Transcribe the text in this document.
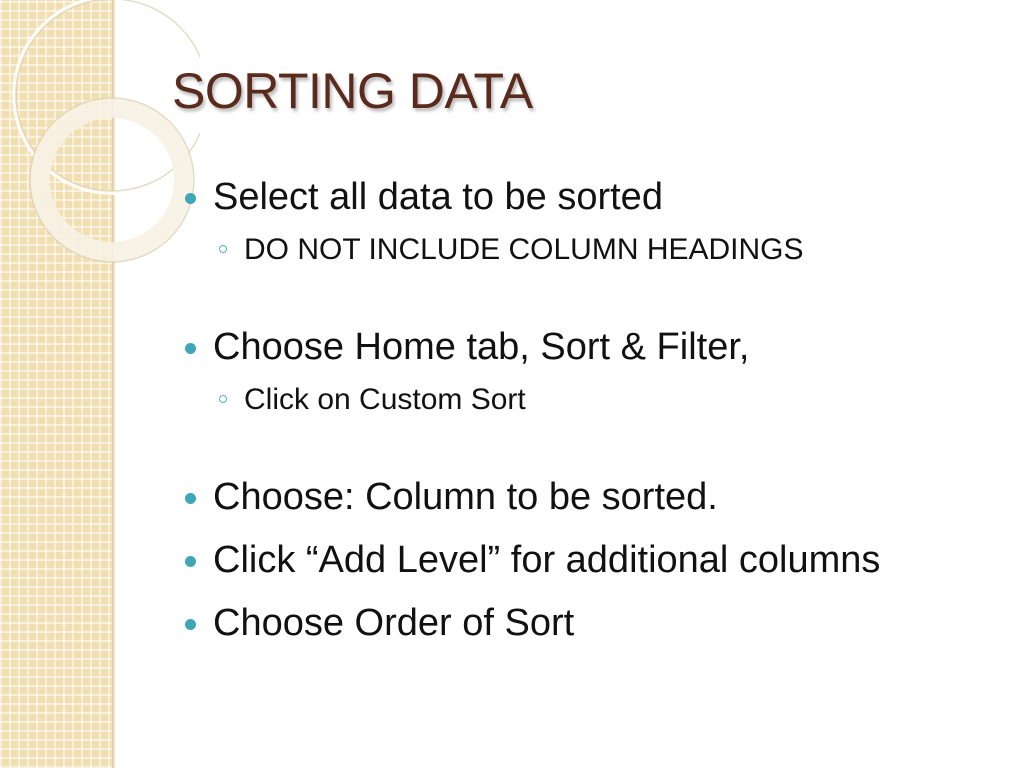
SORTING DATA
Select all data to be sorted
DO NOT INCLUDE COLUMN HEADINGS
Choose Home tab, Sort & Filter,
Click on Custom Sort
Choose: Column to be sorted.
Click “Add Level” for additional columns
Choose Order of Sort
